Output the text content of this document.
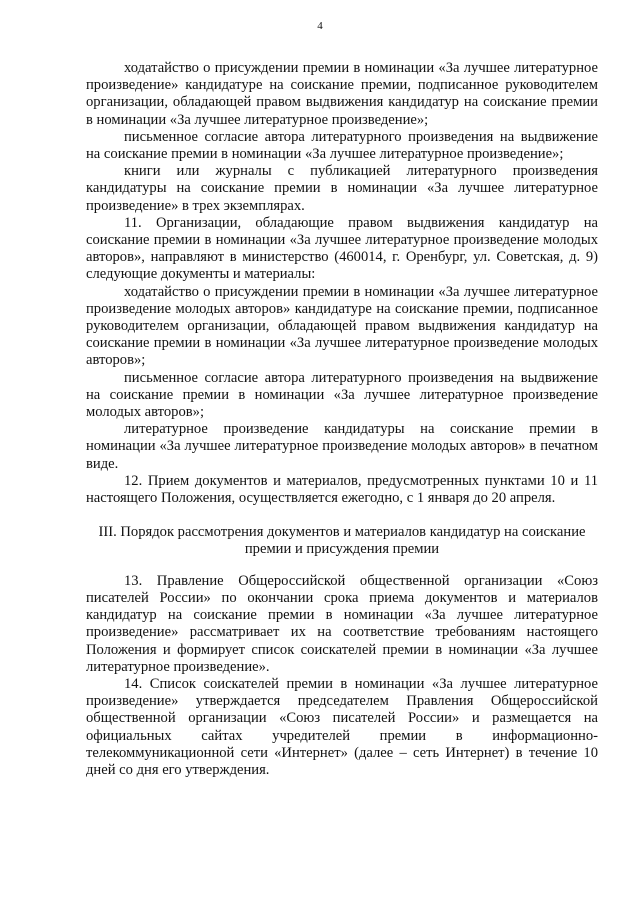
4

ходатайство о присуждении премии в номинации «За лучшее литературное произведение» кандидатуре на соискание премии, подписанное руководителем организации, обладающей правом выдвижения кандидатур на соискание премии в номинации «За лучшее литературное произведение»;

письменное согласие автора литературного произведения на выдвижение на соискание премии в номинации «За лучшее литературное произведение»;

книги или журналы с публикацией литературного произведения кандидатуры на соискание премии в номинации «За лучшее литературное произведение» в трех экземплярах.

11. Организации, обладающие правом выдвижения кандидатур на соискание премии в номинации «За лучшее литературное произведение молодых авторов», направляют в министерство (460014, г. Оренбург, ул. Советская, д. 9) следующие документы и материалы:

ходатайство о присуждении премии в номинации «За лучшее литературное произведение молодых авторов» кандидатуре на соискание премии, подписанное руководителем организации, обладающей правом выдвижения кандидатур на соискание премии в номинации «За лучшее литературное произведение молодых авторов»;

письменное согласие автора литературного произведения на выдвижение на соискание премии в номинации «За лучшее литературное произведение молодых авторов»;

литературное произведение кандидатуры на соискание премии в номинации «За лучшее литературное произведение молодых авторов» в печатном виде.

12. Прием документов и материалов, предусмотренных пунктами 10 и 11 настоящего Положения, осуществляется ежегодно, с 1 января до 20 апреля.

III. Порядок рассмотрения документов и материалов кандидатур на соискание премии и присуждения премии

13. Правление Общероссийской общественной организации «Союз писателей России» по окончании срока приема документов и материалов кандидатур на соискание премии в номинации «За лучшее литературное произведение» рассматривает их на соответствие требованиям настоящего Положения и формирует список соискателей премии в номинации «За лучшее литературное произведение».

14. Список соискателей премии в номинации «За лучшее литературное произведение» утверждается председателем Правления Общероссийской общественной организации «Союз писателей России» и размещается на официальных сайтах учредителей премии в информационно-телекоммуникационной сети «Интернет» (далее – сеть Интернет) в течение 10 дней со дня его утверждения.
